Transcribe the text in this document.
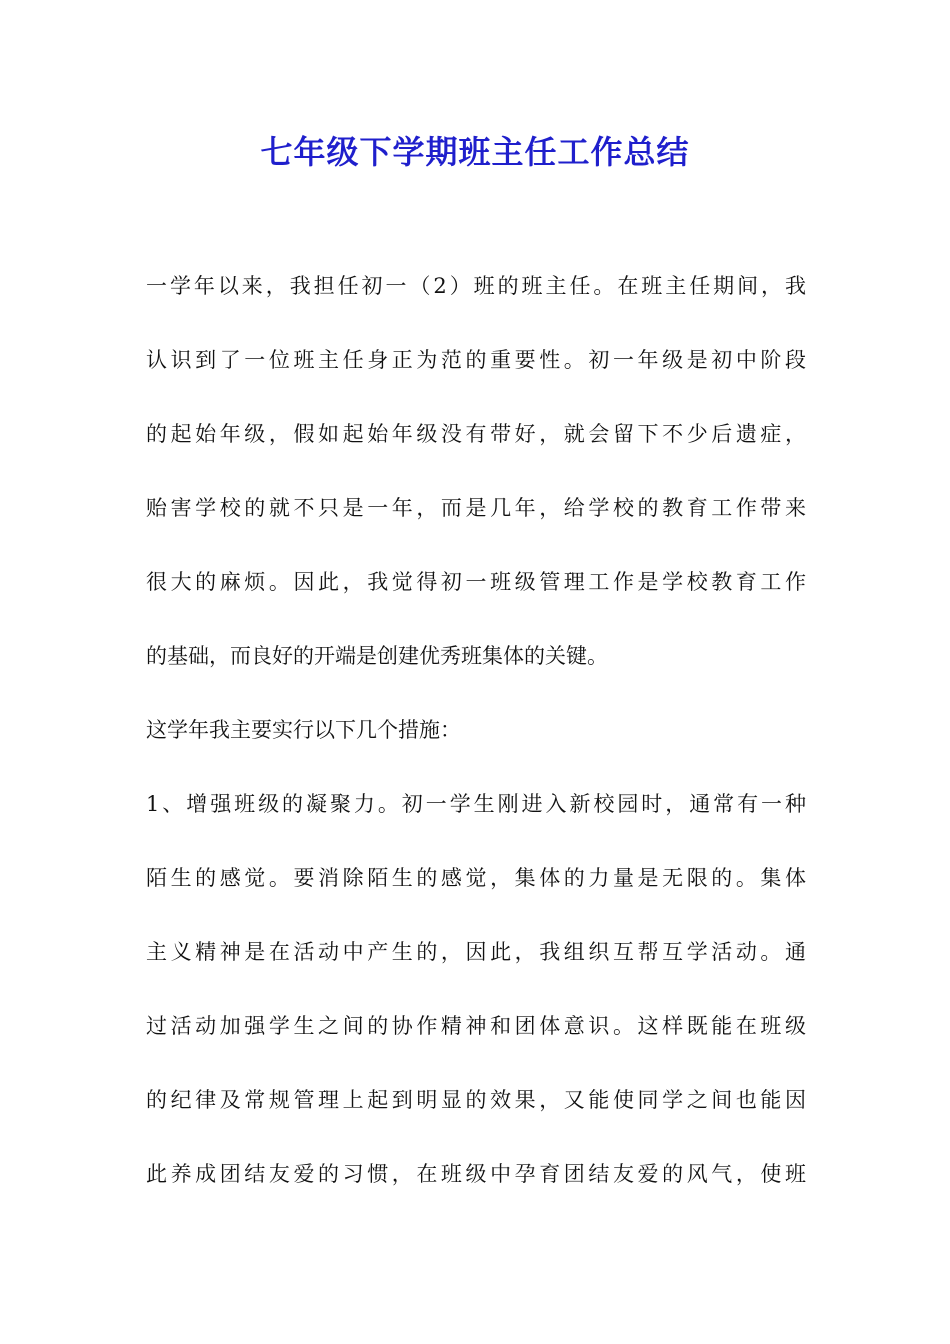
七年级下学期班主任工作总结
一学年以来，我担任初一（2）班的班主任。在班主任期间，我
认识到了一位班主任身正为范的重要性。初一年级是初中阶段
的起始年级，假如起始年级没有带好，就会留下不少后遗症，
贻害学校的就不只是一年，而是几年，给学校的教育工作带来
很大的麻烦。因此，我觉得初一班级管理工作是学校教育工作
的基础，而良好的开端是创建优秀班集体的关键。
这学年我主要实行以下几个措施：
1、增强班级的凝聚力。初一学生刚进入新校园时，通常有一种
陌生的感觉。要消除陌生的感觉，集体的力量是无限的。集体
主义精神是在活动中产生的，因此，我组织互帮互学活动。通
过活动加强学生之间的协作精神和团体意识。这样既能在班级
的纪律及常规管理上起到明显的效果，又能使同学之间也能因
此养成团结友爱的习惯，在班级中孕育团结友爱的风气，使班
